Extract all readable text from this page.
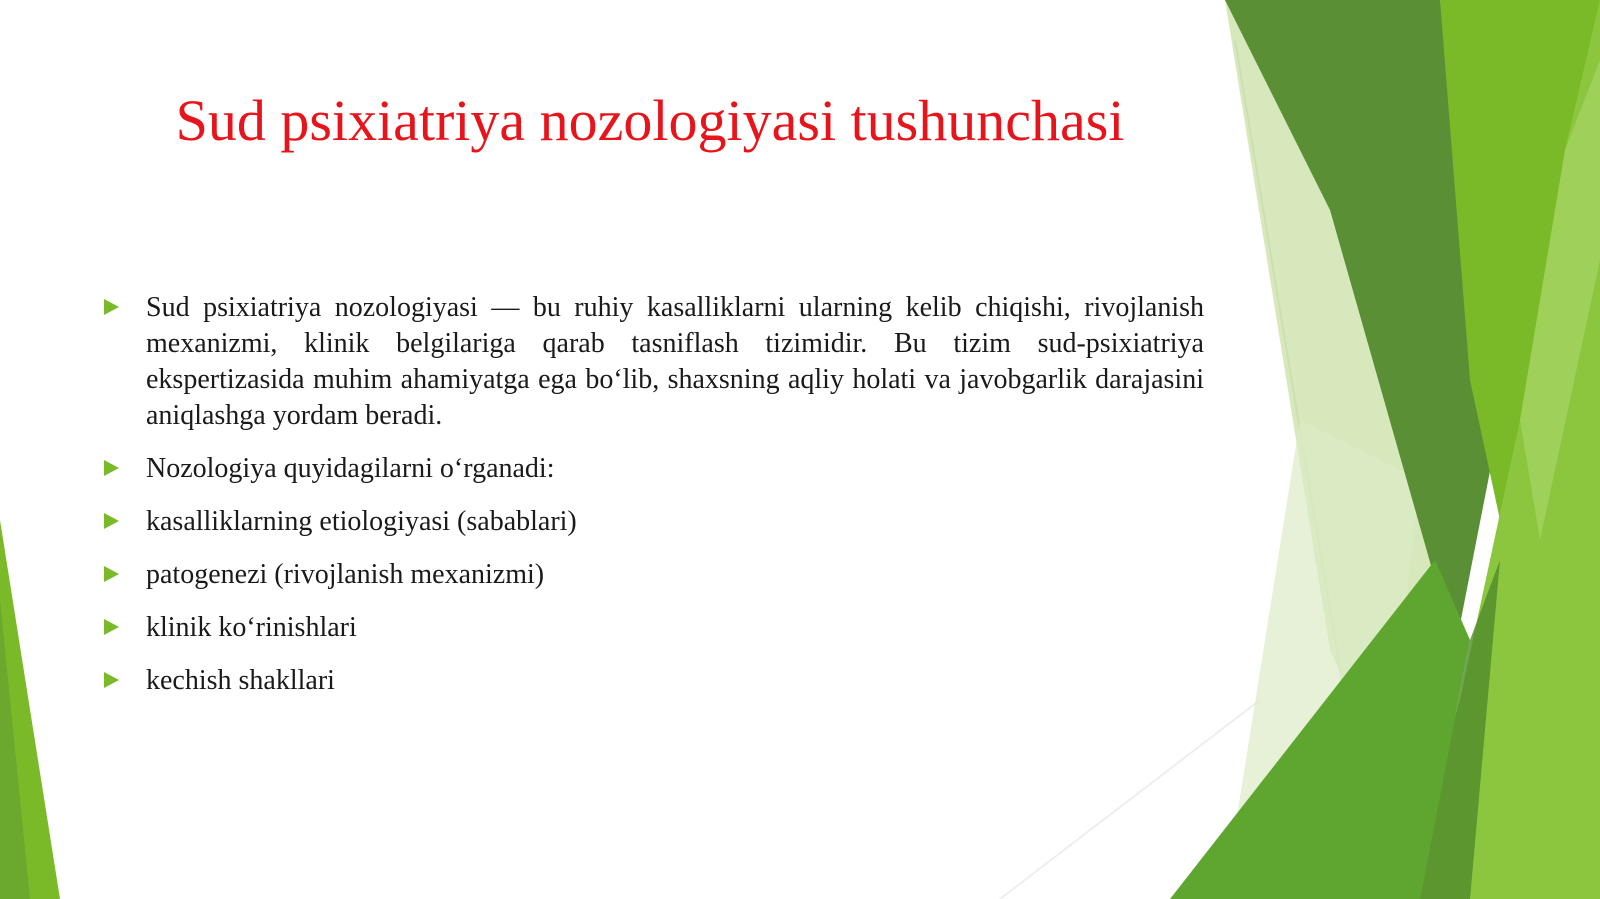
Sud psixiatriya nozologiyasi tushunchasi
Sud psixiatriya nozologiyasi — bu ruhiy kasalliklarni ularning kelib chiqishi, rivojlanish mexanizmi, klinik belgilariga qarab tasniflash tizimidir. Bu tizim sud-psixiatriya ekspertizasida muhim ahamiyatga ega bo‘lib, shaxsning aqliy holati va javobgarlik darajasini aniqlashga yordam beradi.
Nozologiya quyidagilarni o‘rganadi:
kasalliklarning etiologiyasi (sabablari)
patogenezi (rivojlanish mexanizmi)
klinik ko‘rinishlari
kechish shakllari
